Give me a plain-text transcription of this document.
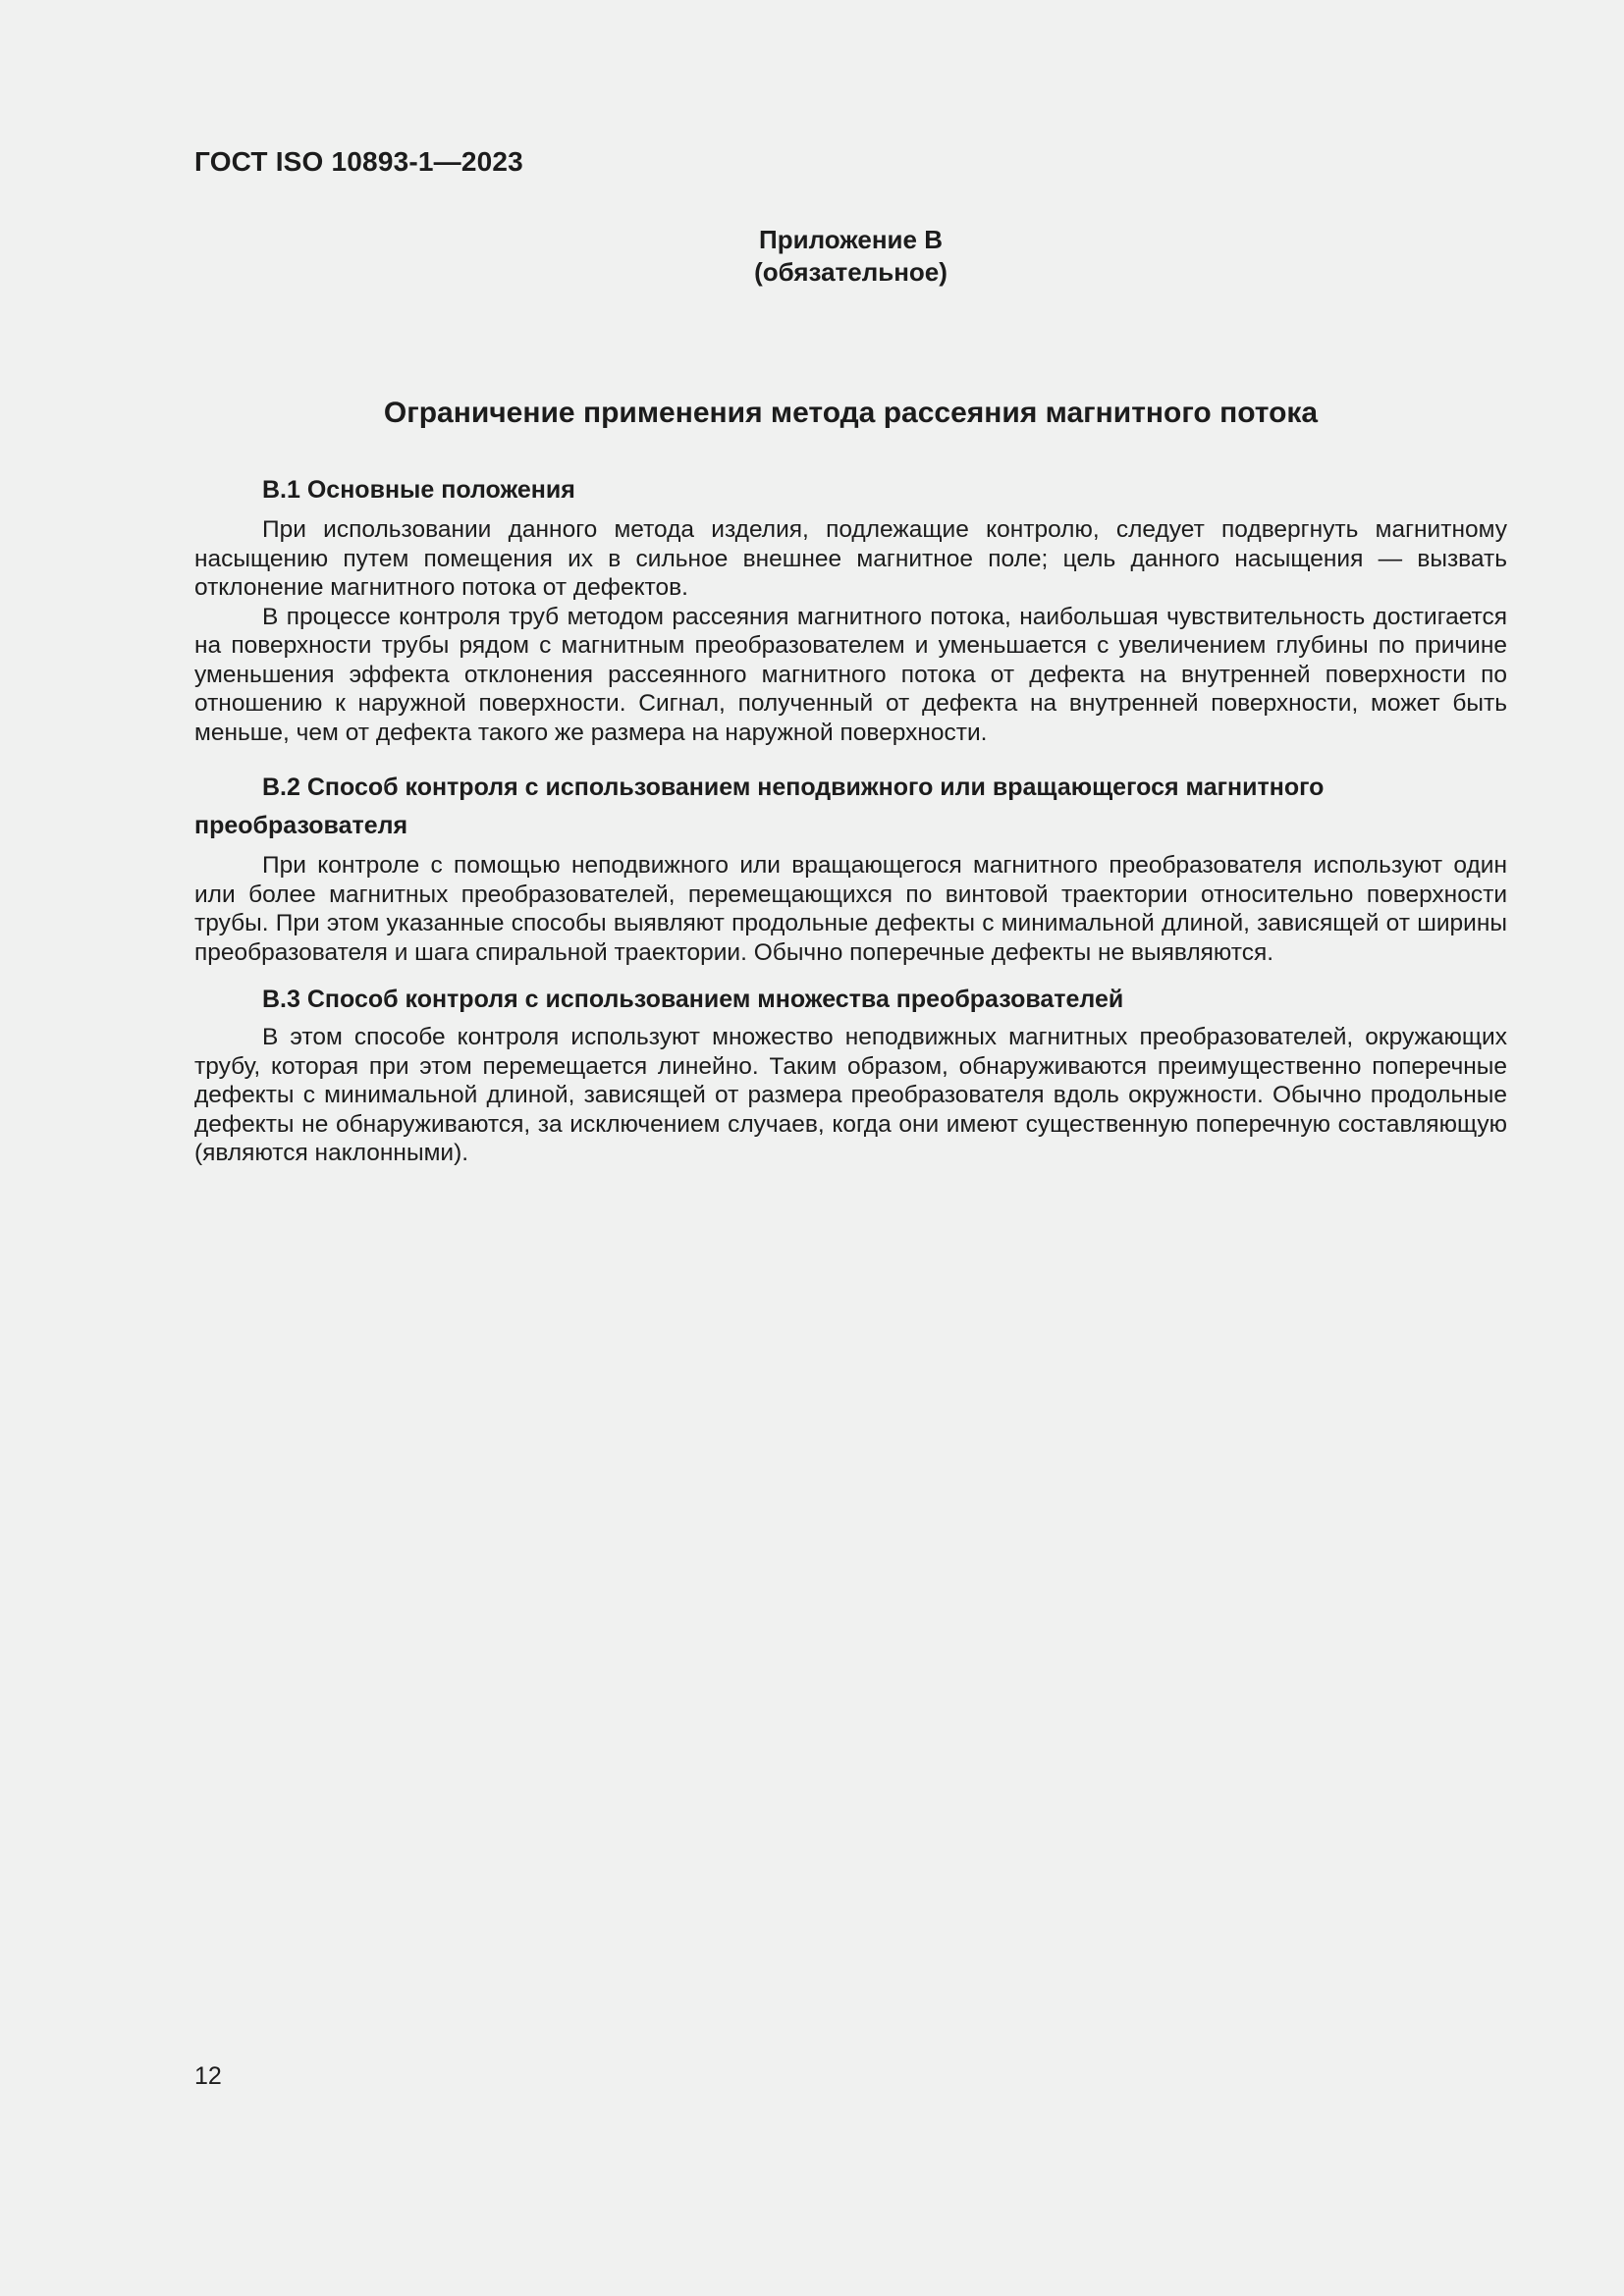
ГОСТ ISO 10893-1—2023
Приложение В
(обязательное)
Ограничение применения метода рассеяния магнитного потока
В.1 Основные положения

При использовании данного метода изделия, подлежащие контролю, следует подвергнуть магнитному насыщению путем помещения их в сильное внешнее магнитное поле; цель данного насыщения — вызвать отклонение магнитного потока от дефектов.

В процессе контроля труб методом рассеяния магнитного потока, наибольшая чувствительность достигается на поверхности трубы рядом с магнитным преобразователем и уменьшается с увеличением глубины по причине уменьшения эффекта отклонения рассеянного магнитного потока от дефекта на внутренней поверхности по отношению к наружной поверхности. Сигнал, полученный от дефекта на внутренней поверхности, может быть меньше, чем от дефекта такого же размера на наружной поверхности.

В.2 Способ контроля с использованием неподвижного или вращающегося магнитного преобразователя

При контроле с помощью неподвижного или вращающегося магнитного преобразователя используют один или более магнитных преобразователей, перемещающихся по винтовой траектории относительно поверхности трубы. При этом указанные способы выявляют продольные дефекты с минимальной длиной, зависящей от ширины преобразователя и шага спиральной траектории. Обычно поперечные дефекты не выявляются.

В.3 Способ контроля с использованием множества преобразователей

В этом способе контроля используют множество неподвижных магнитных преобразователей, окружающих трубу, которая при этом перемещается линейно. Таким образом, обнаруживаются преимущественно поперечные дефекты с минимальной длиной, зависящей от размера преобразователя вдоль окружности. Обычно продольные дефекты не обнаруживаются, за исключением случаев, когда они имеют существенную поперечную составляющую (являются наклонными).

12
